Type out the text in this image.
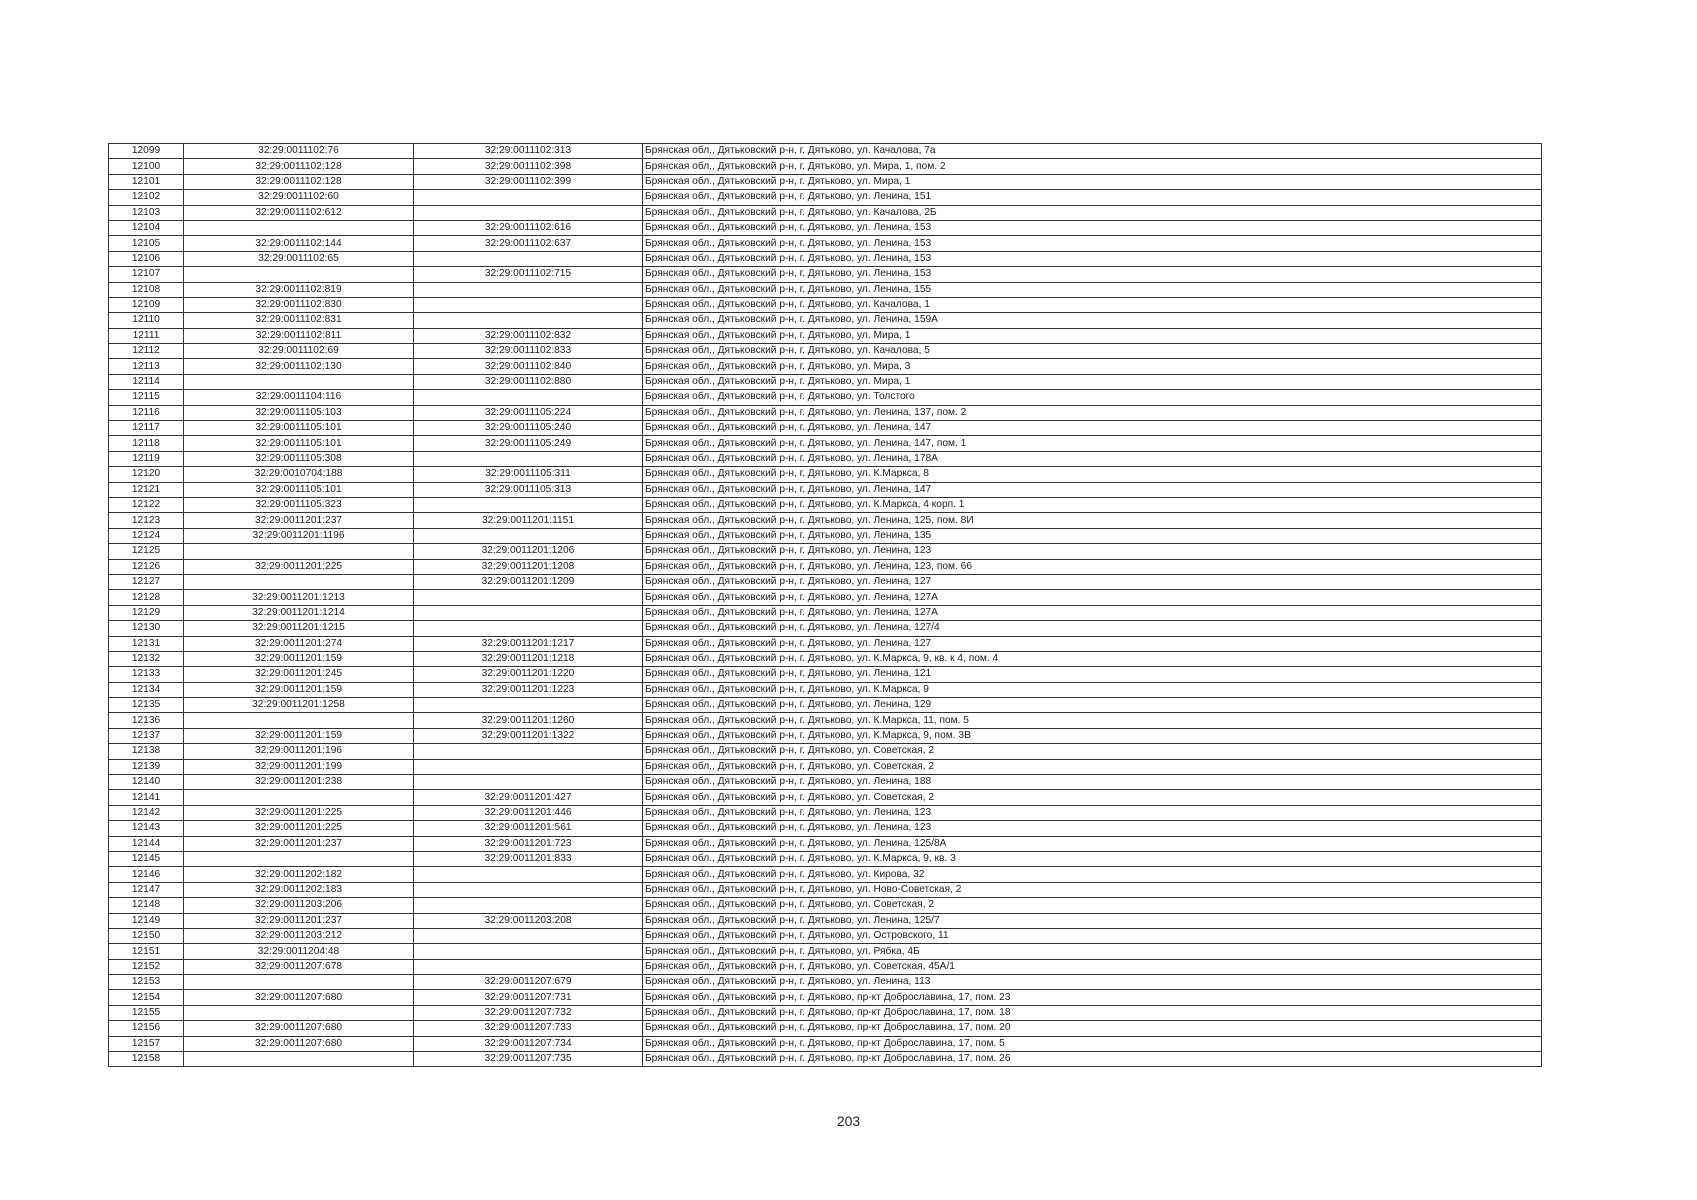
12099	32:29:0011102:76	32:29:0011102:313	Брянская обл., Дятьковский р-н, г. Дятьково, ул. Качалова, 7а
12100	32:29:0011102:128	32:29:0011102:398	Брянская обл., Дятьковский р-н, г. Дятьково, ул. Мира, 1, пом. 2
12101	32:29:0011102:128	32:29:0011102:399	Брянская обл., Дятьковский р-н, г. Дятьково, ул. Мира, 1
12102	32:29:0011102:60		Брянская обл., Дятьковский р-н, г. Дятьково, ул. Ленина, 151
12103	32:29:0011102:612		Брянская обл., Дятьковский р-н, г. Дятьково, ул. Качалова, 2Б
12104		32:29:0011102:616	Брянская обл., Дятьковский р-н, г. Дятьково, ул. Ленина, 153
12105	32:29:0011102:144	32:29:0011102:637	Брянская обл., Дятьковский р-н, г. Дятьково, ул. Ленина, 153
12106	32:29:0011102:65		Брянская обл., Дятьковский р-н, г. Дятьково, ул. Ленина, 153
12107		32:29:0011102:715	Брянская обл., Дятьковский р-н, г. Дятьково, ул. Ленина, 153
12108	32:29:0011102:819		Брянская обл., Дятьковский р-н, г. Дятьково, ул. Ленина, 155
12109	32:29:0011102:830		Брянская обл., Дятьковский р-н, г. Дятьково, ул. Качалова, 1
12110	32:29:0011102:831		Брянская обл., Дятьковский р-н, г. Дятьково, ул. Ленина, 159А
12111	32:29:0011102:811	32:29:0011102:832	Брянская обл., Дятьковский р-н, г. Дятьково, ул. Мира, 1
12112	32:29:0011102:69	32:29:0011102:833	Брянская обл., Дятьковский р-н, г. Дятьково, ул. Качалова, 5
12113	32:29:0011102:130	32:29:0011102:840	Брянская обл., Дятьковский р-н, г. Дятьково, ул. Мира, 3
12114		32:29:0011102:880	Брянская обл., Дятьковский р-н, г. Дятьково, ул. Мира, 1
12115	32:29:0011104:116		Брянская обл., Дятьковский р-н, г. Дятьково, ул. Толстого
12116	32:29:0011105:103	32:29:0011105:224	Брянская обл., Дятьковский р-н, г. Дятьково, ул. Ленина, 137, пом. 2
12117	32:29:0011105:101	32:29:0011105:240	Брянская обл., Дятьковский р-н, г. Дятьково, ул. Ленина, 147
12118	32:29:0011105:101	32:29:0011105:249	Брянская обл., Дятьковский р-н, г. Дятьково, ул. Ленина, 147, пом. 1
12119	32:29:0011105:308		Брянская обл., Дятьковский р-н, г. Дятьково, ул. Ленина, 178А
12120	32:29:0010704:188	32:29:0011105:311	Брянская обл., Дятьковский р-н, г. Дятьково, ул. К.Маркса, 8
12121	32:29:0011105:101	32:29:0011105:313	Брянская обл., Дятьковский р-н, г. Дятьково, ул. Ленина, 147
12122	32:29:0011105:323		Брянская обл., Дятьковский р-н, г. Дятьково, ул. К.Маркса, 4 корп. 1
12123	32:29:0011201:237	32:29:0011201:1151	Брянская обл., Дятьковский р-н, г. Дятьково, ул. Ленина, 125, пом. 8И
12124	32:29:0011201:1196		Брянская обл., Дятьковский р-н, г. Дятьково, ул. Ленина, 135
12125		32:29:0011201:1206	Брянская обл., Дятьковский р-н, г. Дятьково, ул. Ленина, 123
12126	32:29:0011201:225	32:29:0011201:1208	Брянская обл., Дятьковский р-н, г. Дятьково, ул. Ленина, 123, пом. 66
12127		32:29:0011201:1209	Брянская обл., Дятьковский р-н, г. Дятьково, ул. Ленина, 127
12128	32:29:0011201:1213		Брянская обл., Дятьковский р-н, г. Дятьково, ул. Ленина, 127А
12129	32:29:0011201:1214		Брянская обл., Дятьковский р-н, г. Дятьково, ул. Ленина, 127А
12130	32:29:0011201:1215		Брянская обл., Дятьковский р-н, г. Дятьково, ул. Ленина, 127/4
12131	32:29:0011201:274	32:29:0011201:1217	Брянская обл., Дятьковский р-н, г. Дятьково, ул. Ленина, 127
12132	32:29:0011201:159	32:29:0011201:1218	Брянская обл., Дятьковский р-н, г. Дятьково, ул. К.Маркса, 9, кв. к 4, пом. 4
12133	32:29:0011201:245	32:29:0011201:1220	Брянская обл., Дятьковский р-н, г. Дятьково, ул. Ленина, 121
12134	32:29:0011201:159	32:29:0011201:1223	Брянская обл., Дятьковский р-н, г. Дятьково, ул. К.Маркса, 9
12135	32:29:0011201:1258		Брянская обл., Дятьковский р-н, г. Дятьково, ул. Ленина, 129
12136		32:29:0011201:1260	Брянская обл., Дятьковский р-н, г. Дятьково, ул. К.Маркса, 11, пом. 5
12137	32:29:0011201:159	32:29:0011201:1322	Брянская обл., Дятьковский р-н, г. Дятьково, ул. К.Маркса, 9, пом. 3В
12138	32:29:0011201:196		Брянская обл., Дятьковский р-н, г. Дятьково, ул. Советская, 2
12139	32:29:0011201:199		Брянская обл., Дятьковский р-н, г. Дятьково, ул. Советская, 2
12140	32:29:0011201:238		Брянская обл., Дятьковский р-н, г. Дятьково, ул. Ленина, 188
12141		32:29:0011201:427	Брянская обл., Дятьковский р-н, г. Дятьково, ул. Советская, 2
12142	32:29:0011201:225	32:29:0011201:446	Брянская обл., Дятьковский р-н, г. Дятьково, ул. Ленина, 123
12143	32:29:0011201:225	32:29:0011201:561	Брянская обл., Дятьковский р-н, г. Дятьково, ул. Ленина, 123
12144	32:29:0011201:237	32:29:0011201:723	Брянская обл., Дятьковский р-н, г. Дятьково, ул. Ленина, 125/8А
12145		32:29:0011201:833	Брянская обл., Дятьковский р-н, г. Дятьково, ул. К.Маркса, 9, кв. 3
12146	32:29:0011202:182		Брянская обл., Дятьковский р-н, г. Дятьково, ул. Кирова, 32
12147	32:29:0011202:183		Брянская обл., Дятьковский р-н, г. Дятьково, ул. Ново-Советская, 2
12148	32:29:0011203:206		Брянская обл., Дятьковский р-н, г. Дятьково, ул. Советская, 2
12149	32:29:0011201:237	32:29:0011203:208	Брянская обл., Дятьковский р-н, г. Дятьково, ул. Ленина, 125/7
12150	32:29:0011203:212		Брянская обл., Дятьковский р-н, г. Дятьково, ул. Островского, 11
12151	32:29:0011204:48		Брянская обл., Дятьковский р-н, г. Дятьково, ул. Рябка, 4Б
12152	32:29:0011207:678		Брянская обл., Дятьковский р-н, г. Дятьково, ул. Советская, 45А/1
12153		32:29:0011207:679	Брянская обл., Дятьковский р-н, г. Дятьково, ул. Ленина, 113
12154	32:29:0011207:680	32:29:0011207:731	Брянская обл., Дятьковский р-н, г. Дятьково, пр-кт Доброславина, 17, пом. 23
12155		32:29:0011207:732	Брянская обл., Дятьковский р-н, г. Дятьково, пр-кт Доброславина, 17, пом. 18
12156	32:29:0011207:680	32:29:0011207:733	Брянская обл., Дятьковский р-н, г. Дятьково, пр-кт Доброславина, 17, пом. 20
12157	32:29:0011207:680	32:29:0011207:734	Брянская обл., Дятьковский р-н, г. Дятьково, пр-кт Доброславина, 17, пом. 5
12158		32:29:0011207:735	Брянская обл., Дятьковский р-н, г. Дятьково, пр-кт Доброславина, 17, пом. 26
203
